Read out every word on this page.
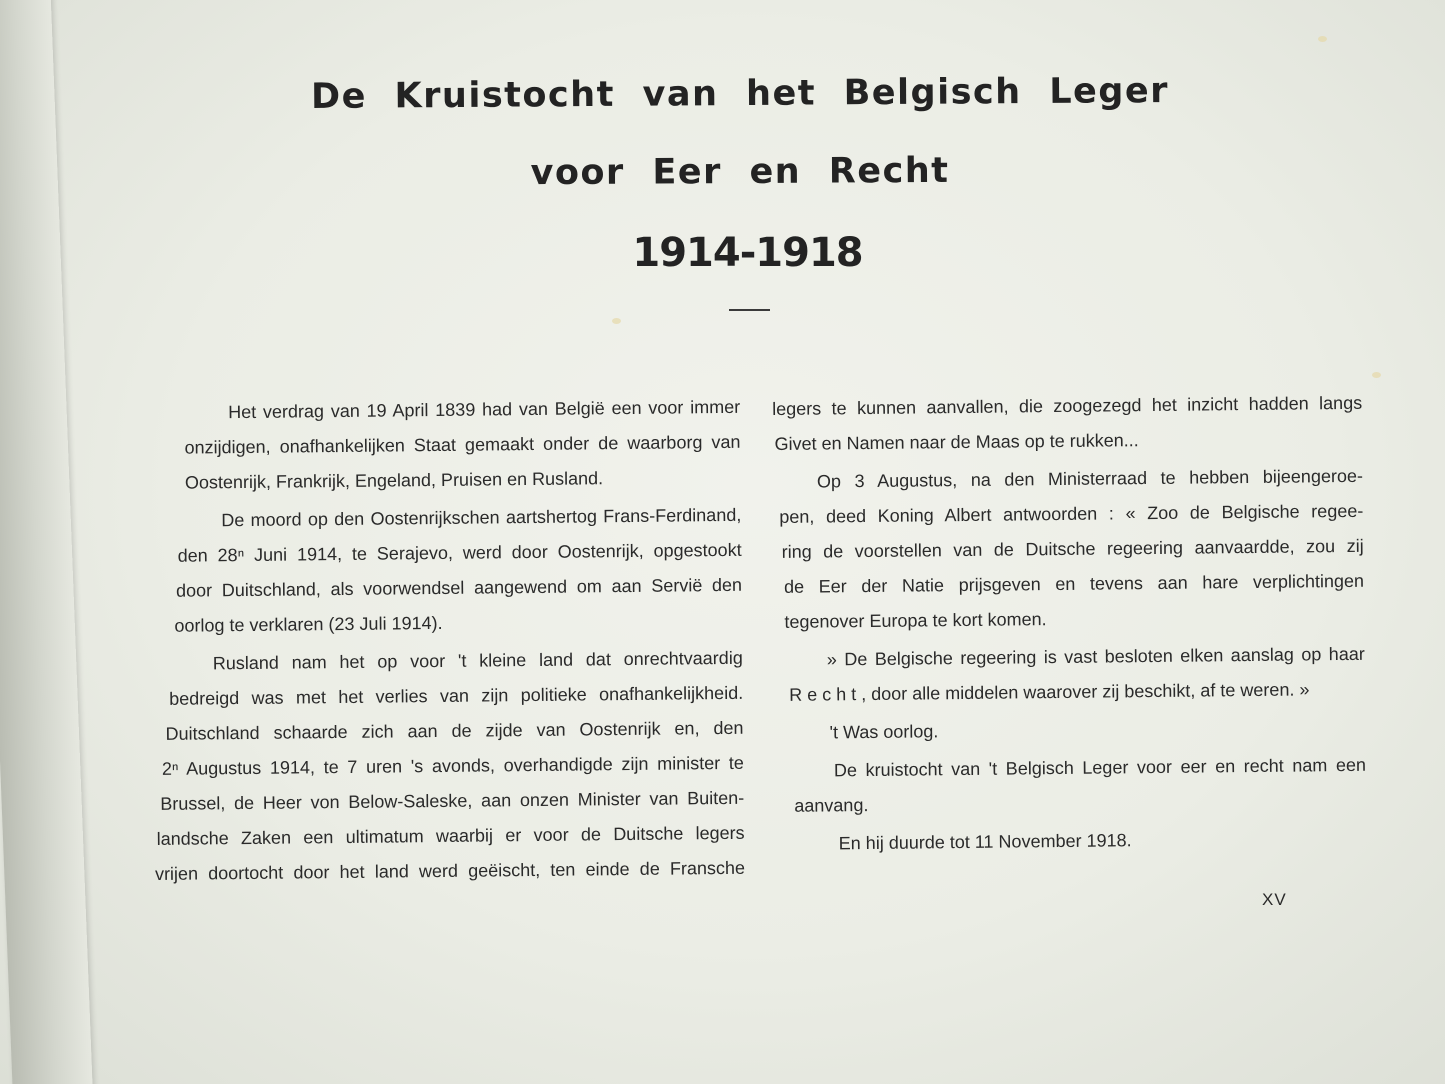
De Kruistocht van het Belgisch Leger
voor Eer en Recht
1914-1918
Het verdrag van 19 April 1839 had van België een voor immer
onzijdigen, onafhankelijken Staat gemaakt onder de waarborg van
Oostenrijk, Frankrijk, Engeland, Pruisen en Rusland.
De moord op den Oostenrijkschen aartshertog Frans-Ferdinand,
den 28ⁿ Juni 1914, te Serajevo, werd door Oostenrijk, opgestookt
door Duitschland, als voorwendsel aangewend om aan Servië den
oorlog te verklaren (23 Juli 1914).
Rusland nam het op voor 't kleine land dat onrechtvaardig
bedreigd was met het verlies van zijn politieke onafhankelijkheid.
Duitschland schaarde zich aan de zijde van Oostenrijk en, den
2ⁿ Augustus 1914, te 7 uren 's avonds, overhandigde zijn minister te
Brussel, de Heer von Below-Saleske, aan onzen Minister van Buiten-
landsche Zaken een ultimatum waarbij er voor de Duitsche legers
vrijen doortocht door het land werd geëischt, ten einde de Fransche
legers te kunnen aanvallen, die zoogezegd het inzicht hadden langs
Givet en Namen naar de Maas op te rukken...
Op 3 Augustus, na den Ministerraad te hebben bijeengeroe-
pen, deed Koning Albert antwoorden : « Zoo de Belgische regee-
ring de voorstellen van de Duitsche regeering aanvaardde, zou zij
de Eer der Natie prijsgeven en tevens aan hare verplichtingen
tegenover Europa te kort komen.
» De Belgische regeering is vast besloten elken aanslag op haar
Recht, door alle middelen waarover zij beschikt, af te weren. »
't Was oorlog.
De kruistocht van 't Belgisch Leger voor eer en recht nam een
aanvang.
En hij duurde tot 11 November 1918.
XV
